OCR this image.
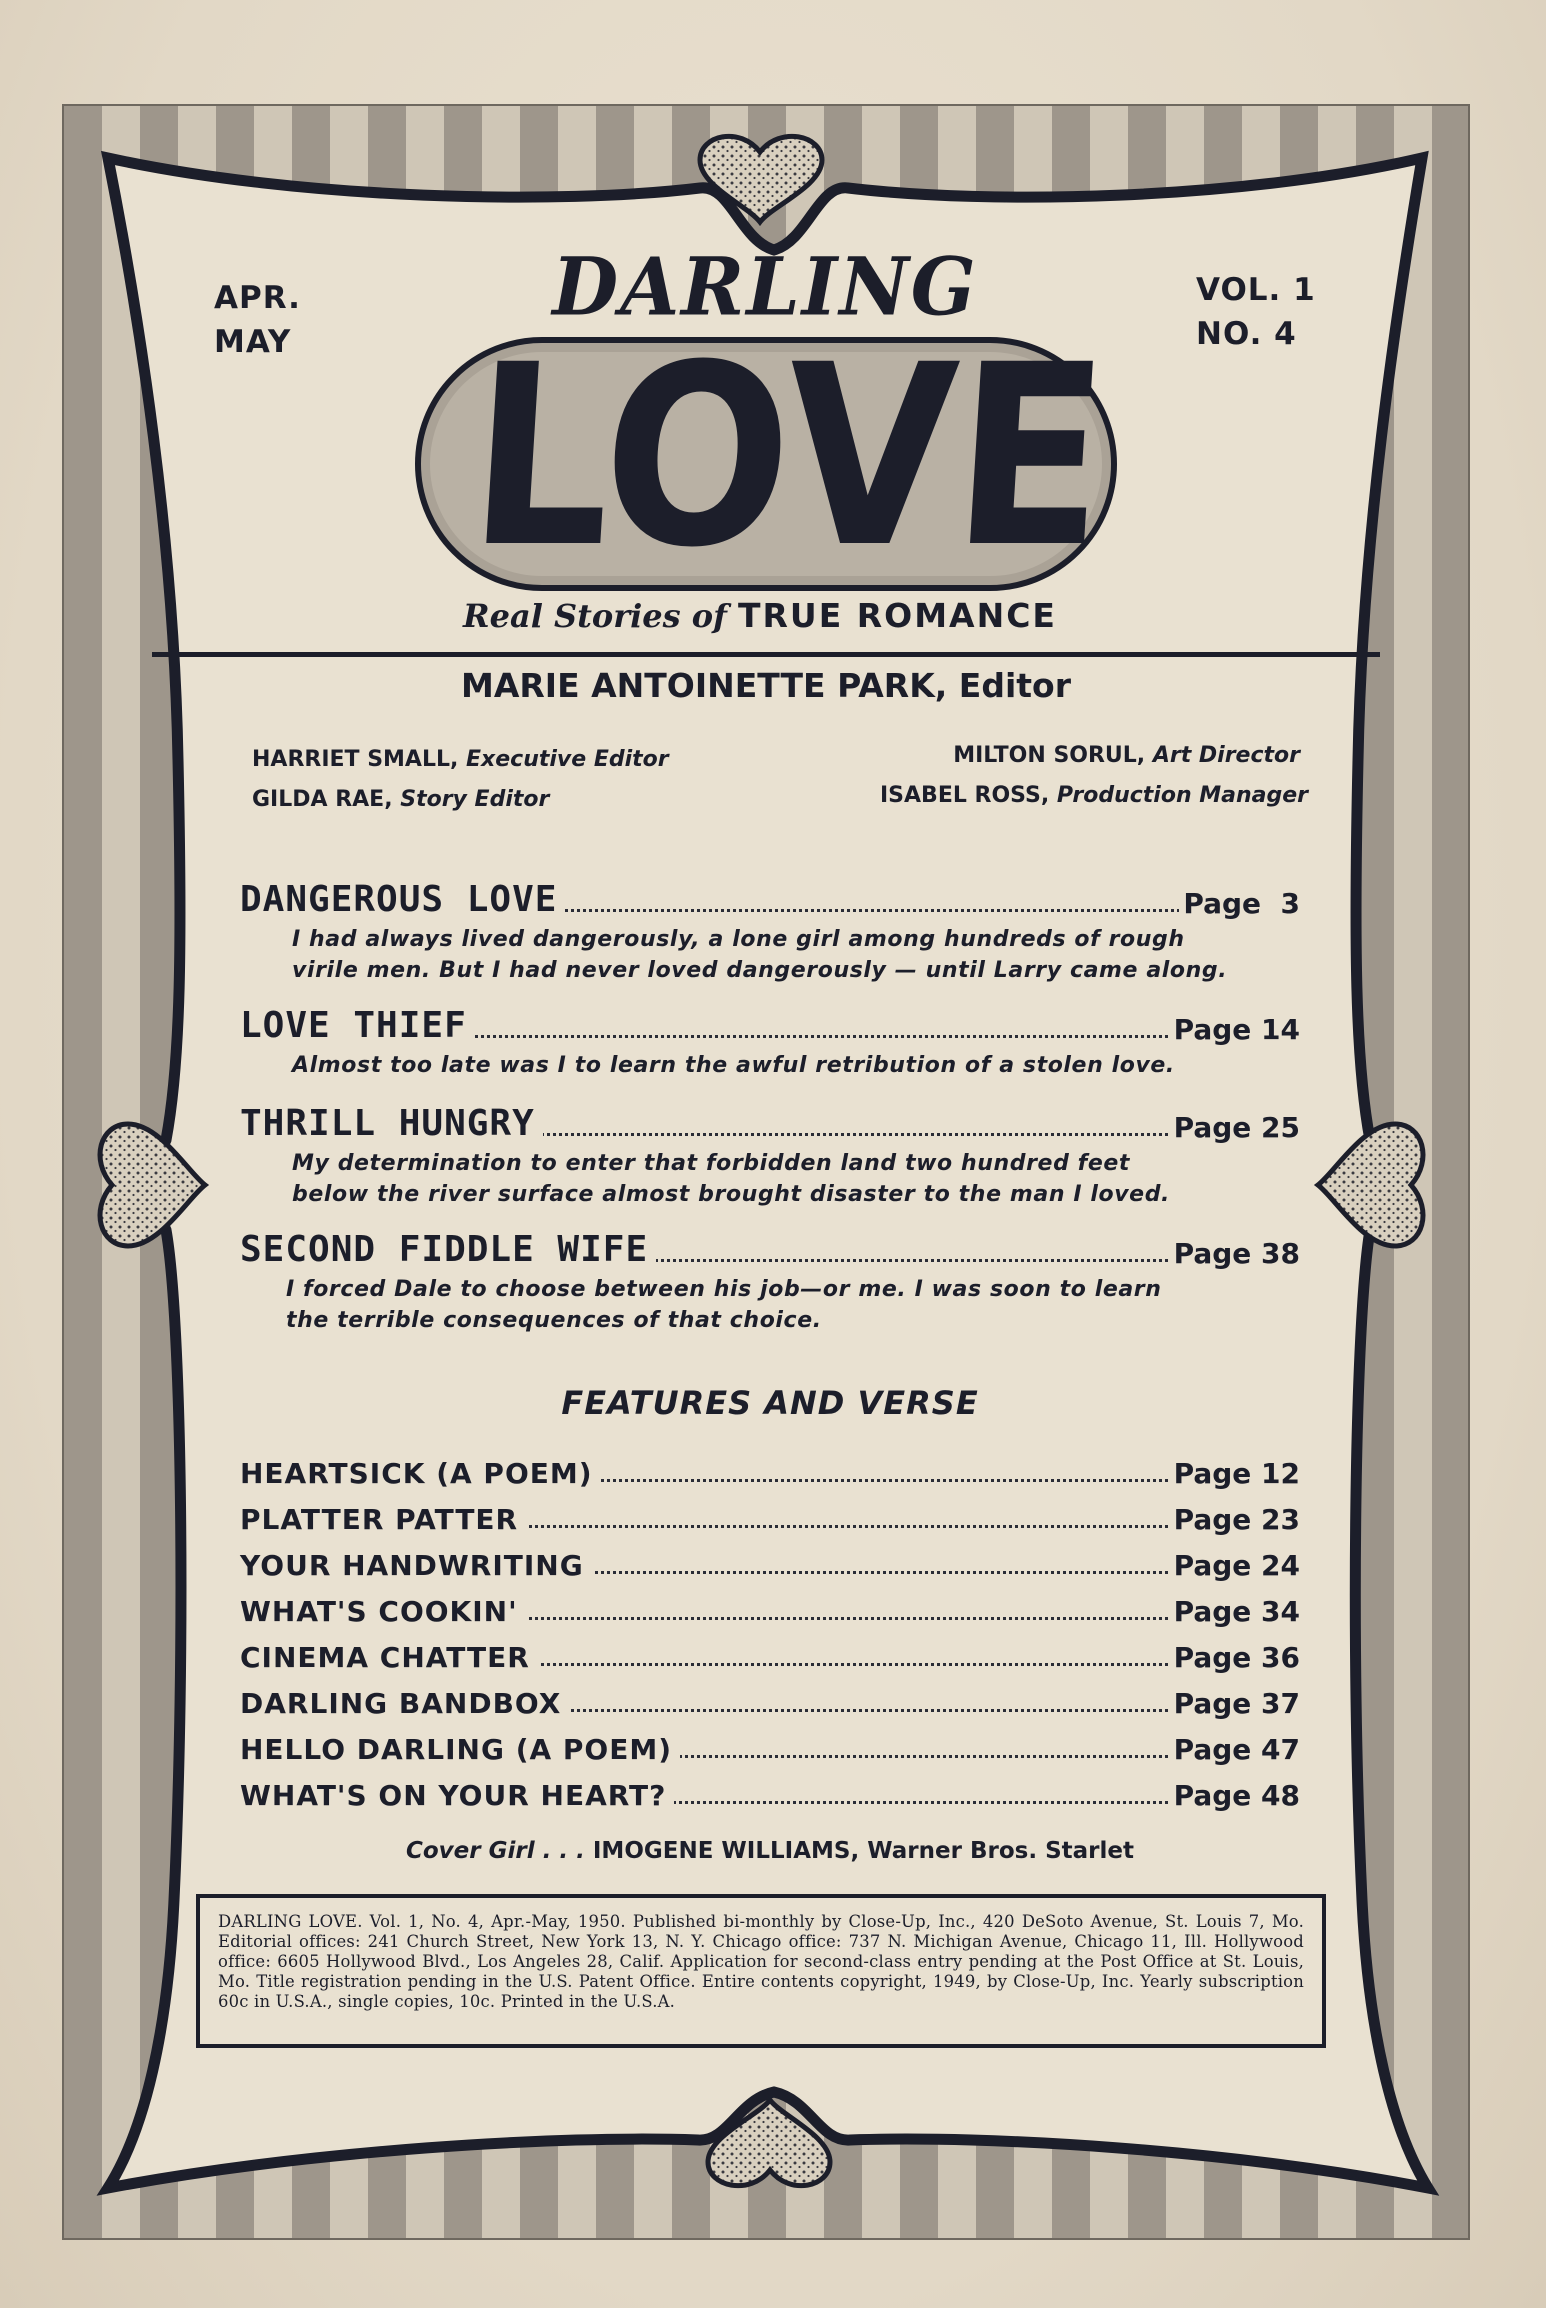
APR.
MAY
VOL. 1
NO. 4
DARLING
LOVE
Real Stories of TRUE ROMANCE
MARIE ANTOINETTE PARK, Editor
HARRIET SMALL, Executive Editor
GILDA RAE, Story Editor
MILTON SORUL, Art Director
ISABEL ROSS, Production Manager
DANGEROUS LOVE	Page  3
I had always lived dangerously, a lone girl among hundreds of rough
virile men. But I had never loved dangerously — until Larry came along.
LOVE THIEF	Page 14
Almost too late was I to learn the awful retribution of a stolen love.
THRILL HUNGRY	Page 25
My determination to enter that forbidden land two hundred feet
below the river surface almost brought disaster to the man I loved.
SECOND FIDDLE WIFE	Page 38
I forced Dale to choose between his job—or me. I was soon to learn
the terrible consequences of that choice.
FEATURES AND VERSE
HEARTSICK (A POEM)	Page 12
PLATTER PATTER	Page 23
YOUR HANDWRITING	Page 24
WHAT'S COOKIN'	Page 34
CINEMA CHATTER	Page 36
DARLING BANDBOX	Page 37
HELLO DARLING (A POEM)	Page 47
WHAT'S ON YOUR HEART?	Page 48
Cover Girl . . . IMOGENE WILLIAMS, Warner Bros. Starlet

DARLING LOVE. Vol. 1, No. 4, Apr.-May, 1950. Published bi-monthly by Close-Up, Inc., 420 DeSoto Avenue, St. Louis 7, Mo. Editorial offices: 241 Church Street, New York 13, N. Y. Chicago office: 737 N. Michigan Avenue, Chicago 11, Ill. Hollywood office: 6605 Hollywood Blvd., Los Angeles 28, Calif. Application for second-class entry pending at the Post Office at St. Louis, Mo. Title registration pending in the U.S. Patent Office. Entire contents copyright, 1949, by Close-Up, Inc. Yearly subscription 60c in U.S.A., single copies, 10c. Printed in the U.S.A.
